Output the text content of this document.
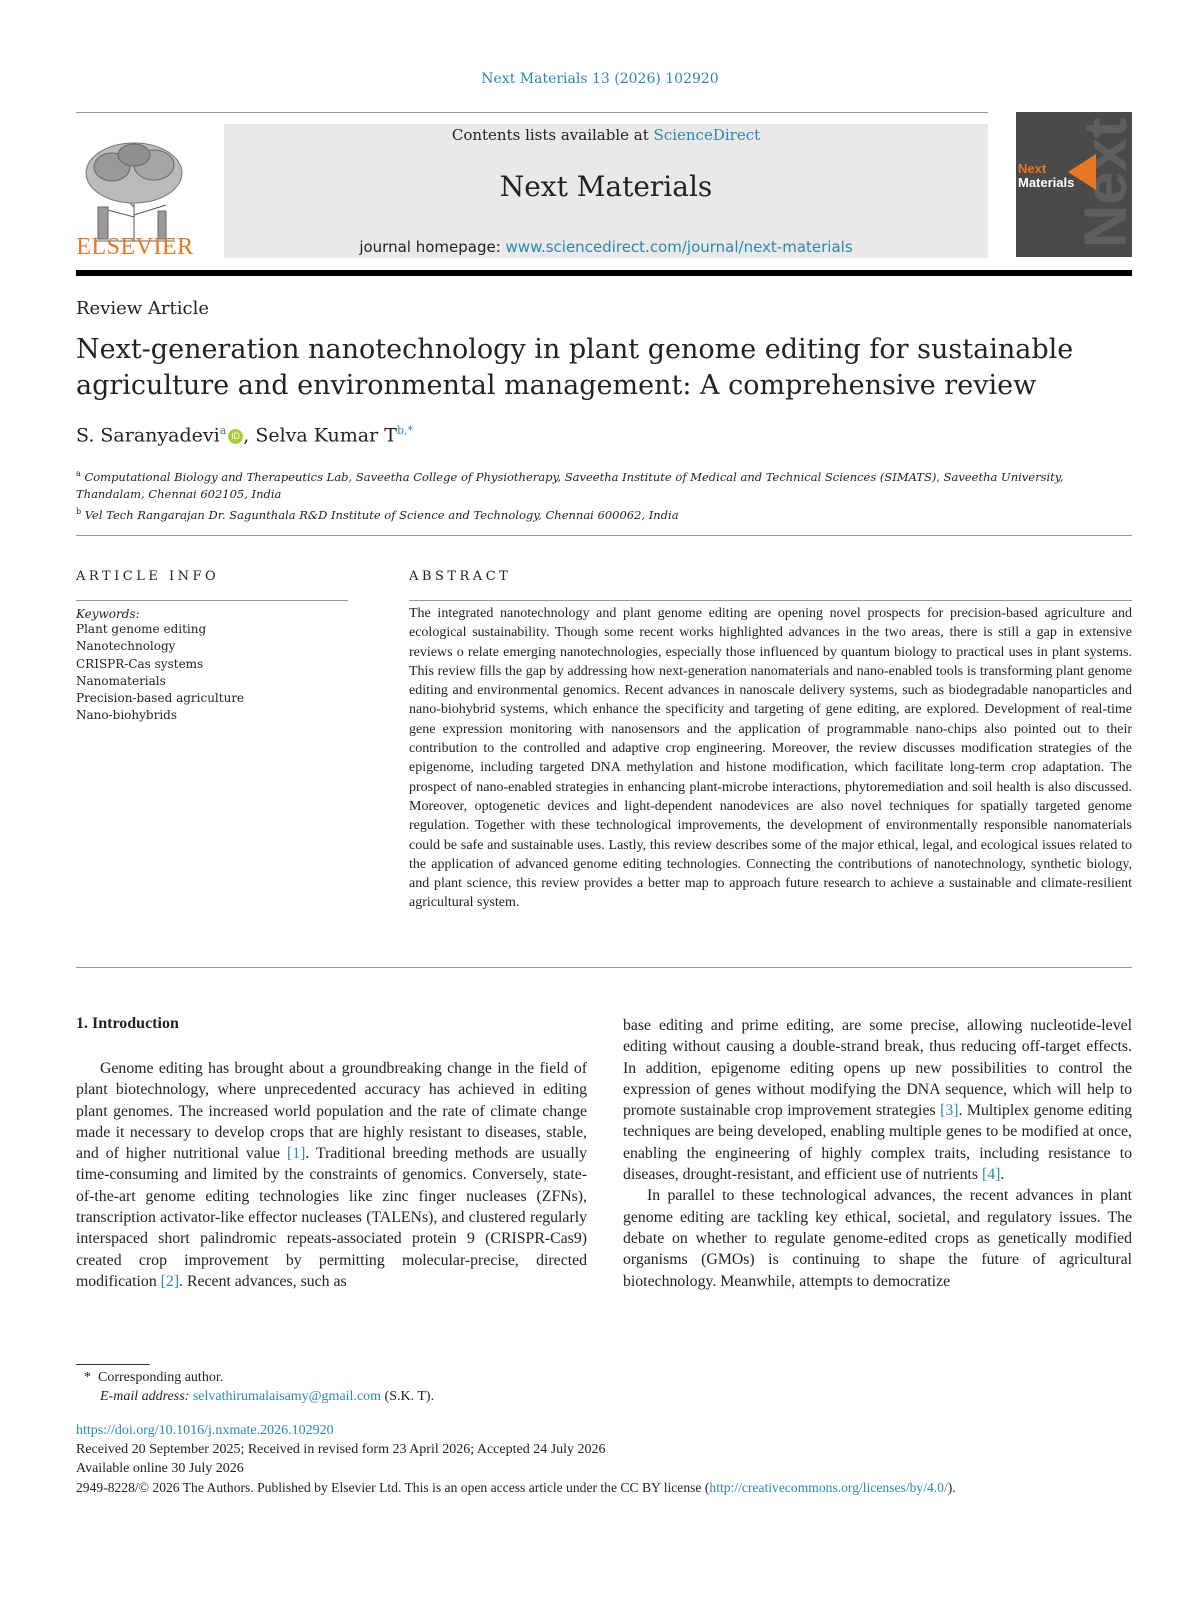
Next Materials 13 (2026) 102920
ELSEVIER
Contents lists available at ScienceDirect
Next Materials
journal homepage: www.sciencedirect.com/journal/next-materials	Next
Next
Materials
Review Article
Next-generation nanotechnology in plant genome editing for sustainable
agriculture and environmental management: A comprehensive review
S. Saranyadevi$^a$ iD , Selva Kumar $T^{b,*}$
$^a$ Computational Biology and Therapeutics Lab, Saveetha College of Physiotherapy, Saveetha Institute of Medical and Technical Sciences (SIMATS), Saveetha University,
Thandalam, Chennai 602105, India
$^b$ Vel Tech Rangarajan Dr. Sagunthala R&D Institute of Science and Technology, Chennai 600062, India
ARTICLE INFO
Keywords:
Plant genome editing
Nanotechnology
CRISPR-Cas systems
Nanomaterials
Precision-based agriculture
Nano-biohybrids
ABSTRACT
The integrated nanotechnology and plant genome editing are opening novel prospects for precision-based agriculture and ecological sustainability. Though some recent works highlighted advances in the two areas, there is still a gap in extensive reviews o relate emerging nanotechnologies, especially those influenced by quantum biology to practical uses in plant systems. This review fills the gap by addressing how next-generation nanomaterials and nano-enabled tools is transforming plant genome editing and environmental genomics. Recent advances in nanoscale delivery systems, such as biodegradable nanoparticles and nano-biohybrid systems, which enhance the specificity and targeting of gene editing, are explored. Development of real-time gene expression monitoring with nanosensors and the application of programmable nano-chips also pointed out to their contribution to the controlled and adaptive crop engineering. Moreover, the review discusses modification strategies of the epigenome, including targeted DNA methylation and histone modification, which facilitate long-term crop adaptation. The prospect of nano-enabled strategies in enhancing plant-microbe interactions, phytoremediation and soil health is also discussed. Moreover, optogenetic devices and light-dependent nanodevices are also novel techniques for spatially targeted genome regulation. Together with these technological improvements, the development of environmentally responsible nanomaterials could be safe and sustainable uses. Lastly, this review describes some of the major ethical, legal, and ecological issues related to the application of advanced genome editing technologies. Connecting the contributions of nanotechnology, synthetic biology, and plant science, this review provides a better map to approach future research to achieve a sustainable and climate-resilient agricultural system.
1. Introduction

Genome editing has brought about a groundbreaking change in the field of plant biotechnology, where unprecedented accuracy has achieved in editing plant genomes. The increased world population and the rate of climate change made it necessary to develop crops that are highly resistant to diseases, stable, and of higher nutritional value [1]. Traditional breeding methods are usually time-consuming and limited by the constraints of genomics. Conversely, state-of-the-art genome editing technologies like zinc finger nucleases (ZFNs), transcription activator-like effector nucleases (TALENs), and clustered regularly interspaced short palindromic repeats-associated protein 9 (CRISPR-Cas9) created crop improvement by permitting molecular-precise, directed modification [2]. Recent advances, such as

base editing and prime editing, are some precise, allowing nucleotide-level editing without causing a double-strand break, thus reducing off-target effects. In addition, epigenome editing opens up new possibilities to control the expression of genes without modifying the DNA sequence, which will help to promote sustainable crop improvement strategies [3]. Multiplex genome editing techniques are being developed, enabling multiple genes to be modified at once, enabling the engineering of highly complex traits, including resistance to diseases, drought-resistant, and efficient use of nutrients [4].

In parallel to these technological advances, the recent advances in plant genome editing are tackling key ethical, societal, and regulatory issues. The debate on whether to regulate genome-edited crops as genetically modified organisms (GMOs) is continuing to shape the future of agricultural biotechnology. Meanwhile, attempts to democratize

* Corresponding author.
E-mail address: selvathirumalaisamy@gmail.com (S.K. T).
https://doi.org/10.1016/j.nxmate.2026.102920
Received 20 September 2025; Received in revised form 23 April 2026; Accepted 24 July 2026
Available online 30 July 2026
2949-8228/© 2026 The Authors. Published by Elsevier Ltd. This is an open access article under the CC BY license (http://creativecommons.org/licenses/by/4.0/).
